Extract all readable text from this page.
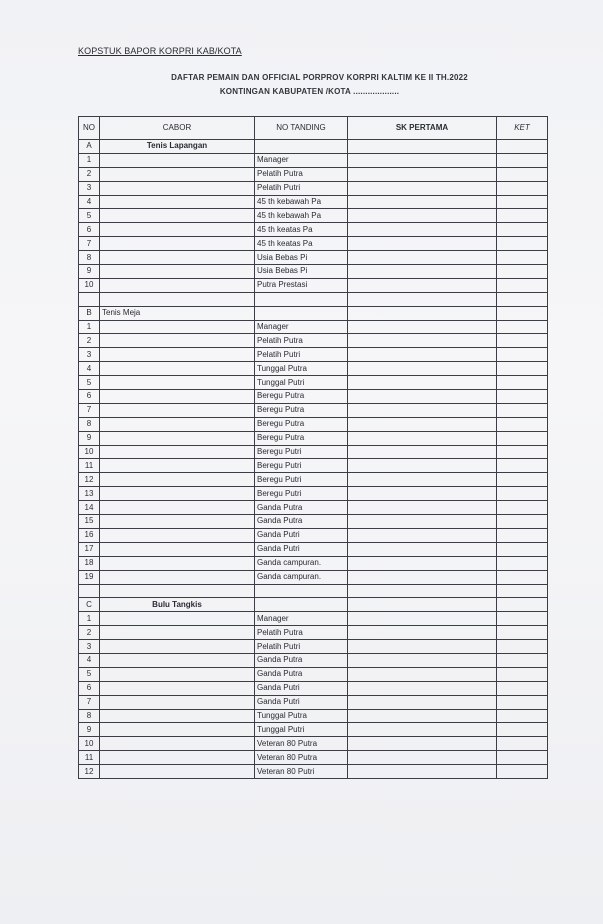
KOPSTUK BAPOR KORPRI KAB/KOTA
DAFTAR PEMAIN DAN OFFICIAL PORPROV KORPRI KALTIM KE II TH.2022
KONTINGAN KABUPATEN /KOTA ...................
NO	CABOR	NO TANDING	SK PERTAMA	KET
A	Tenis Lapangan			
1		Manager		
2		Pelatih Putra		
3		Pelatih Putri		
4		45 th kebawah Pa		
5		45 th kebawah Pa		
6		45 th keatas Pa		
7		45 th keatas Pa		
8		Usia Bebas Pi		
9		Usia Bebas Pi		
10		Putra Prestasi		

B	Tenis Meja			
1		Manager		
2		Pelatih Putra		
3		Pelatih Putri		
4		Tunggal Putra		
5		Tunggal Putri		
6		Beregu Putra		
7		Beregu Putra		
8		Beregu Putra		
9		Beregu Putra		
10		Beregu Putri		
11		Beregu Putri		
12		Beregu Putri		
13		Beregu Putri		
14		Ganda Putra		
15		Ganda Putra		
16		Ganda Putri		
17		Ganda Putri		
18		Ganda campuran.		
19		Ganda campuran.		

C	Bulu Tangkis			
1		Manager		
2		Pelatih Putra		
3		Pelatih Putri		
4		Ganda Putra		
5		Ganda Putra		
6		Ganda Putri		
7		Ganda Putri		
8		Tunggal Putra		
9		Tunggal Putri		
10		Veteran 80 Putra		
11		Veteran 80 Putra		
12		Veteran 80 Putri		
